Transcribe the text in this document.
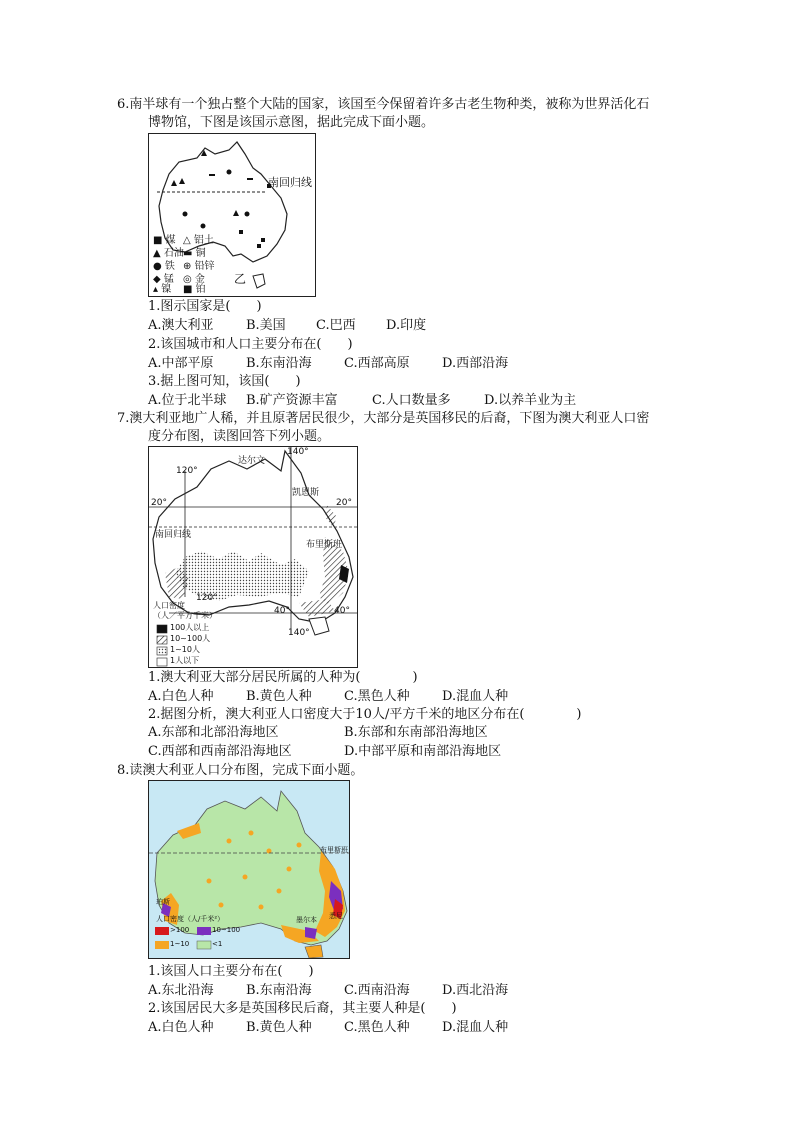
6.南半球有一个独占整个大陆的国家，该国至今保留着许多古老生物种类，被称为世界活化石
博物馆，下图是该国示意图，据此完成下面小题。
南回归线
乙
■ 煤 △ 铝土
▲ 石油 ▬ 铜
● 铁 ⊕ 铅锌
◆ 锰 ◎ 金
▴ 镍 ■ 铂
1.图示国家是(　　)
A.澳大利亚 B.美国 C.巴西 D.印度
2.该国城市和人口主要分布在(　　)
A.中部平原 B.东南沿海 C.西部高原 D.西部沿海
3.据上图可知，该国(　　)
A.位于北半球 B.矿产资源丰富	C.人口数量多	D.以养羊业为主
7.澳大利亚地广人稀，并且原著居民很少，大部分是英国移民的后裔，下图为澳大利亚人口密
度分布图，读图回答下列小题。
140°
120°
120°
140°
20°	20°
40°	40°
达尔文
凯恩斯
南回归线
布里斯班
人口密度
（人／平方千米）
100人以上
10~100人
1~10人
1人以下
1.澳大利亚大部分居民所属的人种为(　　　　)
A.白色人种 B.黄色人种 C.黑色人种 D.混血人种
2.据图分析，澳大利亚人口密度大于10人/平方千米的地区分布在(　　　　)
A.东部和北部沿海地区	B.东部和东南部沿海地区
C.西部和西南部沿海地区	D.中部平原和南部沿海地区
8.读澳大利亚人口分布图，完成下面小题。
布里斯班
珀斯
墨尔本 悉尼
人口密度（人/千米²）
>100	10~100
1~10	<1
1.该国人口主要分布在(　　)
A.东北沿海 B.东南沿海 C.西南沿海 D.西北沿海
2.该国居民大多是英国移民后裔，其主要人种是(　　)
A.白色人种 B.黄色人种 C.黑色人种 D.混血人种
